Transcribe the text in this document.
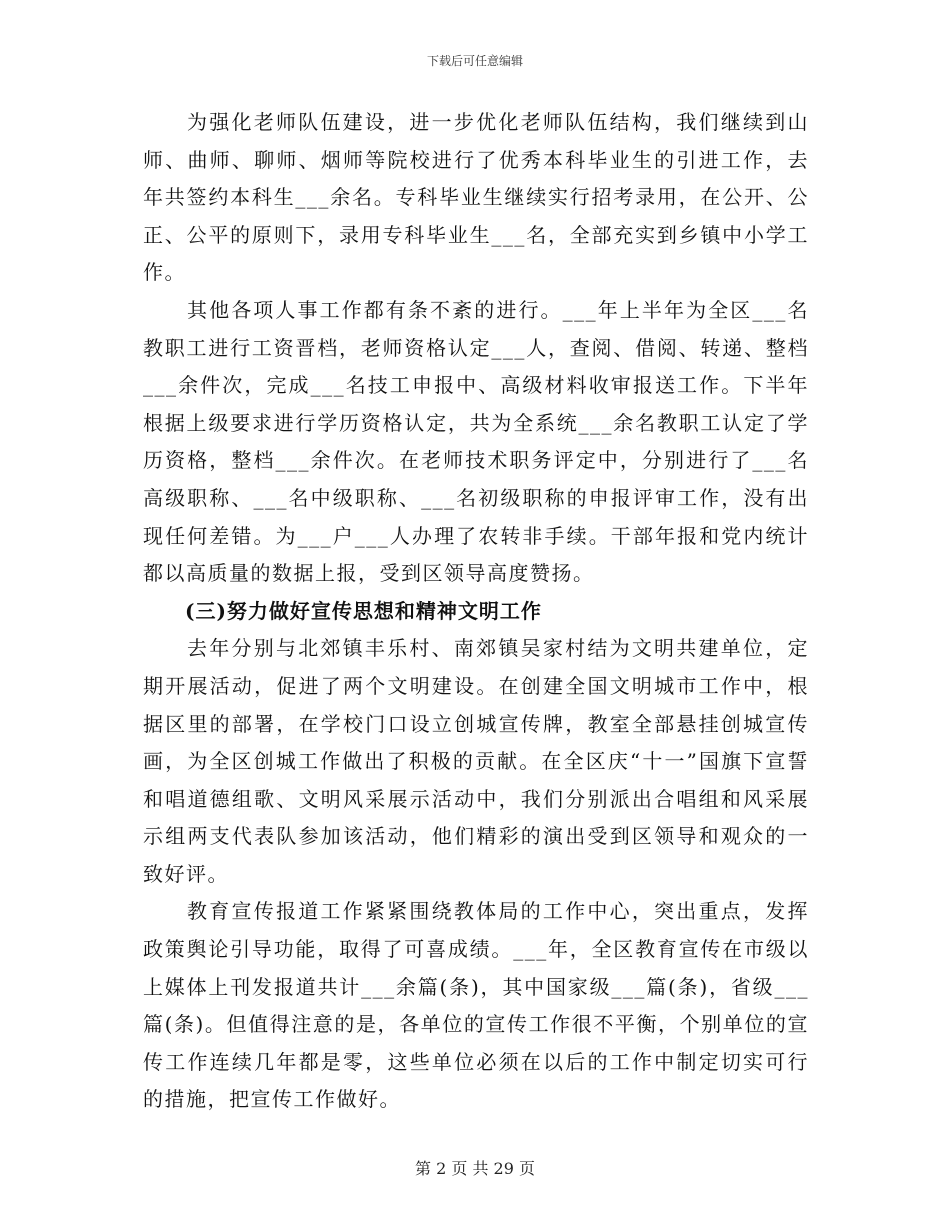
下载后可任意编辑

为强化老师队伍建设，进一步优化老师队伍结构，我们继续到山师、曲师、聊师、烟师等院校进行了优秀本科毕业生的引进工作，去年共签约本科生___余名。专科毕业生继续实行招考录用，在公开、公正、公平的原则下，录用专科毕业生___名，全部充实到乡镇中小学工作。

其他各项人事工作都有条不紊的进行。___年上半年为全区___名教职工进行工资晋档，老师资格认定___人，查阅、借阅、转递、整档___余件次，完成___名技工申报中、高级材料收审报送工作。下半年根据上级要求进行学历资格认定，共为全系统___余名教职工认定了学历资格，整档___余件次。在老师技术职务评定中，分别进行了___名高级职称、___名中级职称、___名初级职称的申报评审工作，没有出现任何差错。为___户___人办理了农转非手续。干部年报和党内统计都以高质量的数据上报，受到区领导高度赞扬。

(三)努力做好宣传思想和精神文明工作

去年分别与北郊镇丰乐村、南郊镇吴家村结为文明共建单位，定期开展活动，促进了两个文明建设。在创建全国文明城市工作中，根据区里的部署，在学校门口设立创城宣传牌，教室全部悬挂创城宣传画，为全区创城工作做出了积极的贡献。在全区庆“十一”国旗下宣誓和唱道德组歌、文明风采展示活动中，我们分别派出合唱组和风采展示组两支代表队参加该活动，他们精彩的演出受到区领导和观众的一致好评。

教育宣传报道工作紧紧围绕教体局的工作中心，突出重点，发挥政策舆论引导功能，取得了可喜成绩。___年，全区教育宣传在市级以上媒体上刊发报道共计___余篇(条)，其中国家级___篇(条)，省级___篇(条)。但值得注意的是，各单位的宣传工作很不平衡，个别单位的宣传工作连续几年都是零，这些单位必须在以后的工作中制定切实可行的措施，把宣传工作做好。

第 2 页 共 29 页
